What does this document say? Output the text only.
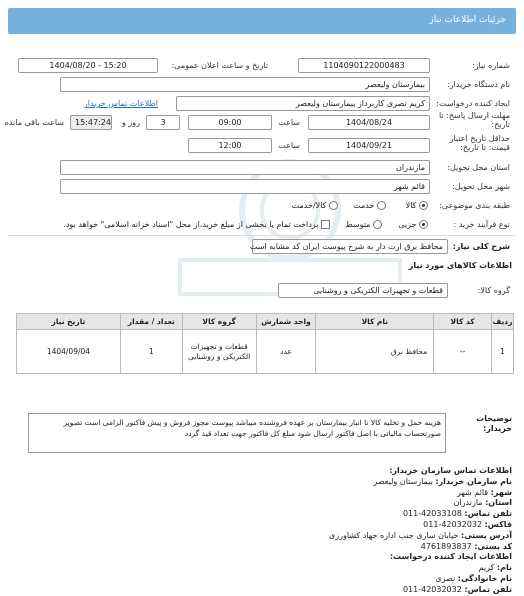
جزئیات اطلاعات نیاز
شماره نیاز:
1104090122000483
تاریخ و ساعت اعلان عمومی:
1404/08/20 - 15:20
نام دستگاه خریدار:
بیمارستان ولیعصر
ایجاد کننده درخواست:
کریم نصری کاربرداز بیمارستان ولیعصر
اطلاعات تماس خریدار
مهلت ارسال پاسخ: تا تاریخ:
1404/08/24
ساعت
09:00
3
روز و
15:47:24
ساعت باقی مانده
حداقل تاریخ اعتبار قیمت: تا تاریخ:
1404/09/21
ساعت
12:00
استان محل تحویل:
مازندران
شهر محل تحویل:
قائم شهر
طبقه بندی موضوعی:
کالا
خدمت
کالا/خدمت
نوع فرآیند خرید :
جزیی
متوسط
پرداخت تمام یا بخشی از مبلغ خرید،از محل "اسناد خزانه اسلامی" خواهد بود.
شرح کلی نیاز:
محافظ برق ارت دار به شرح پیوست ایران کد مشابه است
اطلاعات کالاهای مورد نیاز
گروه کالا:
قطعات و تجهیزات الکتریکی و روشنایی
ردیف	کد کالا	نام کالا	واحد شمارش	گروه کالا	تعداد / مقدار	تاریخ نیاز
1	--	محافظ برق	عدد	قطعات و تجهیزات الکتریکی و روشنایی	1	1404/09/04
توضیحات خریدار:
هزینه حمل و تخلیه کالا تا انبار بیمارستان بر عهده فروشنده میباشد پیوست مجوز فروش و پیش فاکتور الزامی است تصویر صورتحساب مالیاتی با اصل فاکتور ارسال شود مبلغ کل فاکتور جهت تعداد قید گردد
اطلاعات تماس سازمان خریدار:
نام سازمان خریدار: بیمارستان ولیعصر
شهر: قائم شهر
استان: مازندران
تلفن تماس: 011-42033108
فاکس: 011-42032032
آدرس پستی: خیابان ساری جنب اداره جهاد کشاورزی
کد پستی: 4761893837
اطلاعات ایجاد کننده درخواست:
نام: کریم
نام خانوادگی: نصری
تلفن تماس: 011-42032032
